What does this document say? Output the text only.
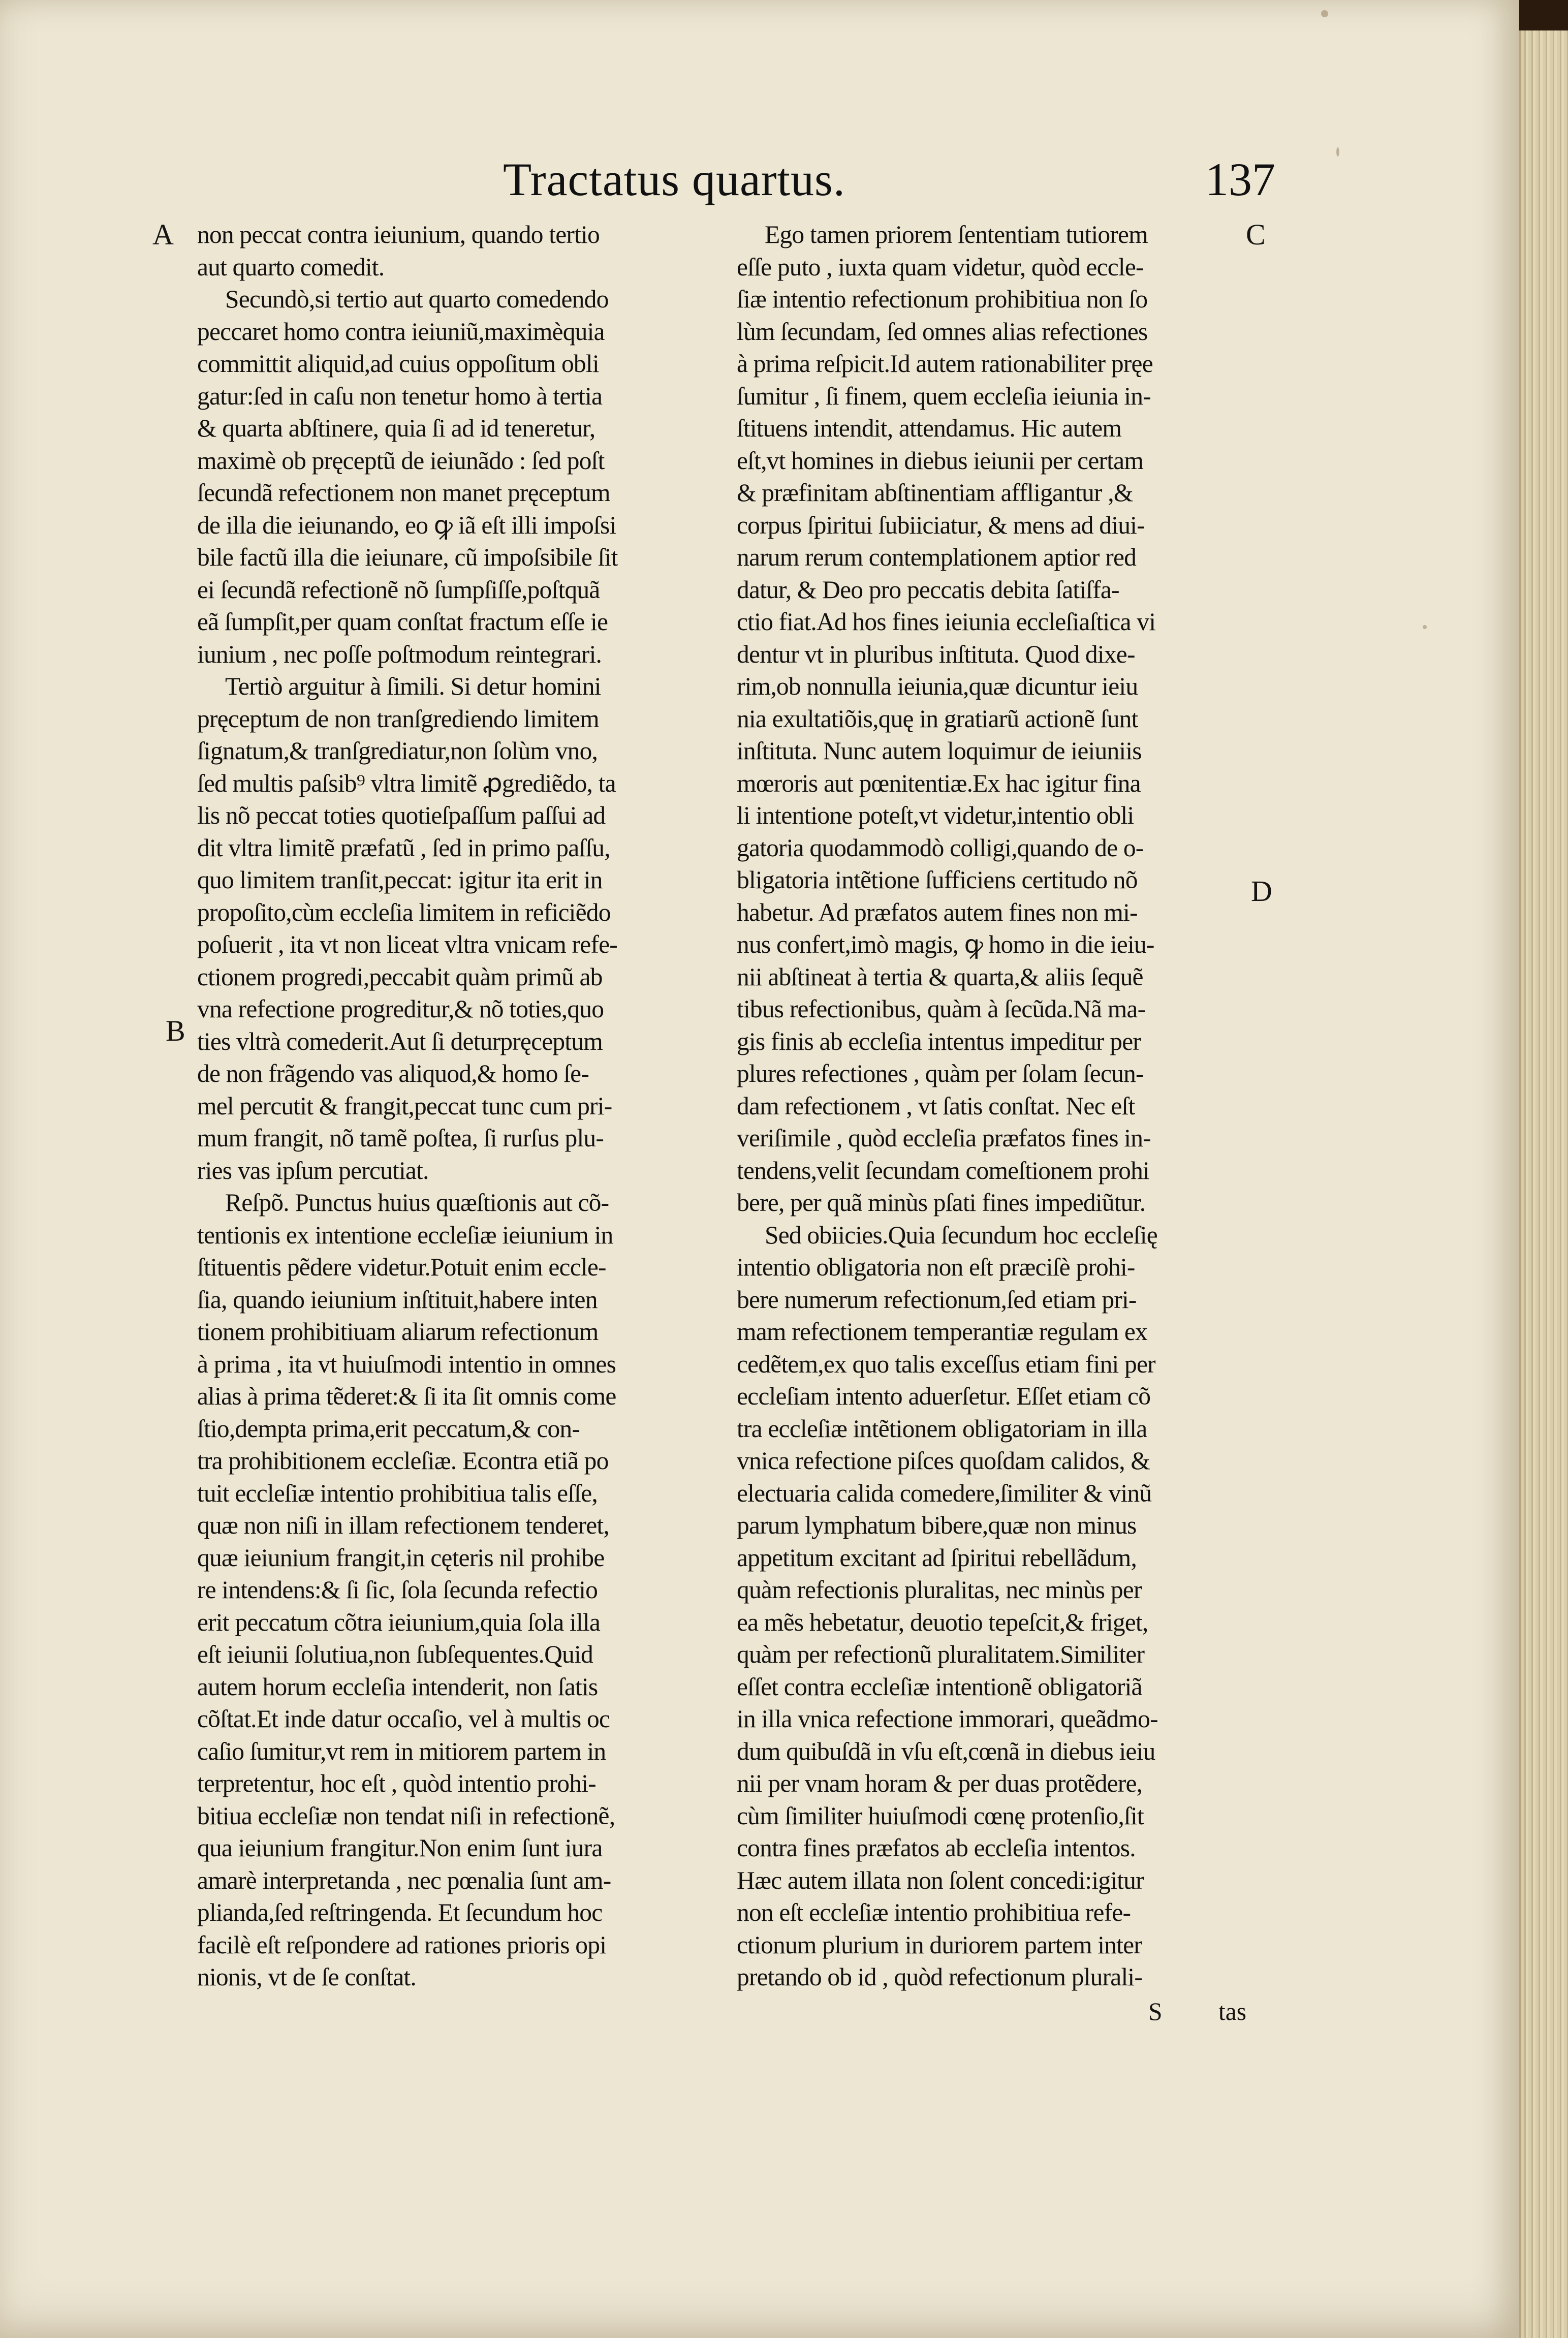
Tractatus quartus.	137
A
B
C
D
non peccat contra ieiunium, quando tertio
aut quarto comedit.
Secundò,si tertio aut quarto comedendo
peccaret homo contra ieiuniũ,maximèquia
committit aliquid,ad cuius oppoſitum obli
gatur:ſed in caſu non tenetur homo à tertia
& quarta abſtinere, quia ſi ad id teneretur,
maximè ob pręceptũ de ieiunãdo : ſed poſt
ſecundã refectionem non manet pręceptum
de illa die ieiunando, eo ꝙ iã eſt illi impoſsi
bile factũ illa die ieiunare, cũ impoſsibile ſit
ei ſecundã refectionẽ nõ ſumpſiſſe,poſtquã
eã ſumpſit,per quam conſtat fractum eſſe ie
iunium , nec poſſe poſtmodum reintegrari.
Tertiò arguitur à ſimili. Si detur homini
pręceptum de non tranſgrediendo limitem
ſignatum,& tranſgrediatur,non ſolùm vno,
ſed multis paſsib⁹ vltra limitẽ ꝓgrediẽdo, ta
lis nõ peccat toties quotieſpaſſum paſſui ad
dit vltra limitẽ præfatũ , ſed in primo paſſu,
quo limitem tranſit,peccat: igitur ita erit in
propoſito,cùm eccleſia limitem in reficiẽdo
poſuerit , ita vt non liceat vltra vnicam refe-
ctionem progredi,peccabit quàm primũ ab
vna refectione progreditur,& nõ toties,quo
ties vltrà comederit.Aut ſi deturpręceptum
de non frãgendo vas aliquod,& homo ſe-
mel percutit & frangit,peccat tunc cum pri-
mum frangit, nõ tamẽ poſtea, ſi rurſus plu-
ries vas ipſum percutiat.
Reſpõ. Punctus huius quæſtionis aut cõ-
tentionis ex intentione eccleſiæ ieiunium in
ſtituentis pẽdere videtur.Potuit enim eccle-
ſia, quando ieiunium inſtituit,habere inten
tionem prohibitiuam aliarum refectionum
à prima , ita vt huiuſmodi intentio in omnes
alias à prima tẽderet:& ſi ita ſit omnis come
ſtio,dempta prima,erit peccatum,& con-
tra prohibitionem eccleſiæ. Econtra etiã po
tuit eccleſiæ intentio prohibitiua talis eſſe,
quæ non niſi in illam refectionem tenderet,
quæ ieiunium frangit,in cęteris nil prohibe
re intendens:& ſi ſic, ſola ſecunda refectio
erit peccatum cõtra ieiunium,quia ſola illa
eſt ieiunii ſolutiua,non ſubſequentes.Quid
autem horum eccleſia intenderit, non ſatis
cõſtat.Et inde datur occaſio, vel à multis oc
caſio ſumitur,vt rem in mitiorem partem in
terpretentur, hoc eſt , quòd intentio prohi-
bitiua eccleſiæ non tendat niſi in refectionẽ,
qua ieiunium frangitur.Non enim ſunt iura
amarè interpretanda , nec pœnalia ſunt am-
plianda,ſed reſtringenda. Et ſecundum hoc
facilè eſt reſpondere ad rationes prioris opi
nionis, vt de ſe conſtat.
Ego tamen priorem ſententiam tutiorem
eſſe puto , iuxta quam videtur, quòd eccle-
ſiæ intentio refectionum prohibitiua non ſo
lùm ſecundam, ſed omnes alias refectiones
à prima reſpicit.Id autem rationabiliter pręe
ſumitur , ſi finem, quem eccleſia ieiunia in-
ſtituens intendit, attendamus. Hic autem
eſt,vt homines in diebus ieiunii per certam
& præfinitam abſtinentiam affligantur ,&
corpus ſpiritui ſubiiciatur, & mens ad diui-
narum rerum contemplationem aptior red
datur, & Deo pro peccatis debita ſatiſfa-
ctio fiat.Ad hos fines ieiunia eccleſiaſtica vi
dentur vt in pluribus inſtituta. Quod dixe-
rim,ob nonnulla ieiunia,quæ dicuntur ieiu
nia exultatiõis,quę in gratiarũ actionẽ ſunt
inſtituta. Nunc autem loquimur de ieiuniis
mœroris aut pœnitentiæ.Ex hac igitur fina
li intentione poteſt,vt videtur,intentio obli
gatoria quodammodò colligi,quando de o-
bligatoria intẽtione ſufficiens certitudo nõ
habetur. Ad præfatos autem fines non mi-
nus confert,imò magis, ꝙ homo in die ieiu-
nii abſtineat à tertia & quarta,& aliis ſequẽ
tibus refectionibus, quàm à ſecũda.Nã ma-
gis finis ab eccleſia intentus impeditur per
plures refectiones , quàm per ſolam ſecun-
dam refectionem , vt ſatis conſtat. Nec eſt
veriſimile , quòd eccleſia præfatos fines in-
tendens,velit ſecundam comeſtionem prohi
bere, per quã minùs pſati fines impediũtur.
Sed obiicies.Quia ſecundum hoc eccleſię
intentio obligatoria non eſt præciſè prohi-
bere numerum refectionum,ſed etiam pri-
mam refectionem temperantiæ regulam ex
cedẽtem,ex quo talis exceſſus etiam fini per
eccleſiam intento aduerſetur. Eſſet etiam cõ
tra eccleſiæ intẽtionem obligatoriam in illa
vnica refectione piſces quoſdam calidos, &
electuaria calida comedere,ſimiliter & vinũ
parum lymphatum bibere,quæ non minus
appetitum excitant ad ſpiritui rebellãdum,
quàm refectionis pluralitas, nec minùs per
ea mẽs hebetatur, deuotio tepeſcit,& friget,
quàm per refectionũ pluralitatem.Similiter
eſſet contra eccleſiæ intentionẽ obligatoriã
in illa vnica refectione immorari, queãdmo-
dum quibuſdã in vſu eſt,cœnã in diebus ieiu
nii per vnam horam & per duas protẽdere,
cùm ſimiliter huiuſmodi cœnę protenſio,ſit
contra fines præfatos ab eccleſia intentos.
Hæc autem illata non ſolent concedi:igitur
non eſt eccleſiæ intentio prohibitiua refe-
ctionum plurium in duriorem partem inter
pretando ob id , quòd refectionum plurali-
S tas
